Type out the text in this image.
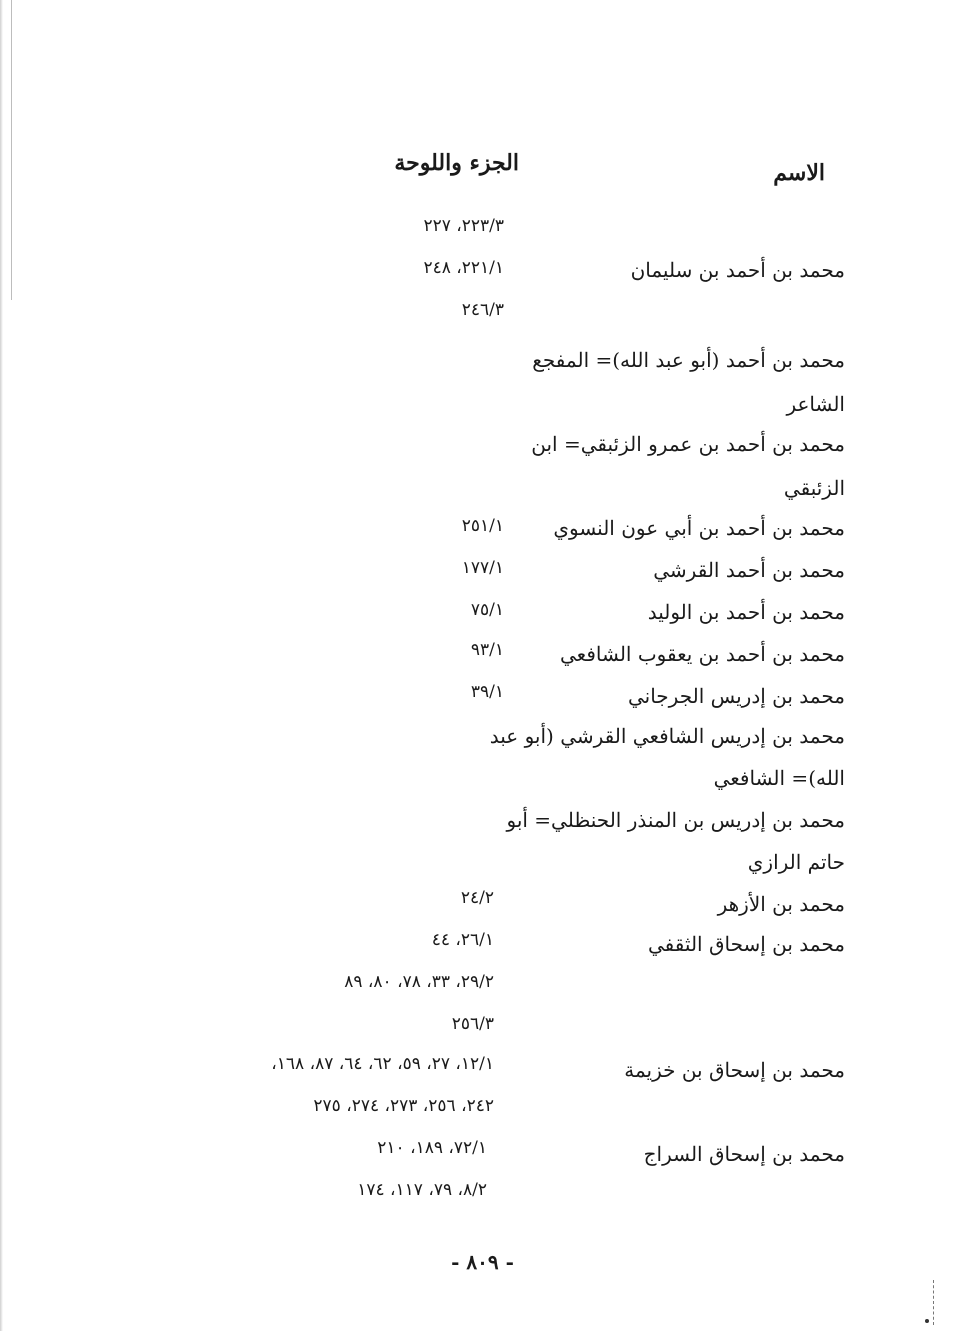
الاسم
الجزء واللوحة
٢٢٣/٣، ٢٢٧
محمد بن أحمد بن سليمان
٢٢١/١، ٢٤٨
٢٤٦/٣
محمد بن أحمد (أبو عبد الله)= المفجع
الشاعر
محمد بن أحمد بن عمرو الزئبقي= ابن
الزئبقي
محمد بن أحمد بن أبي عون النسوي
٢٥١/١
محمد بن أحمد القرشي
١٧٧/١
محمد بن أحمد بن الوليد
٧٥/١
محمد بن أحمد بن يعقوب الشافعي
٩٣/١
محمد بن إدريس الجرجاني
٣٩/١
محمد بن إدريس الشافعي القرشي (أبو عبد
الله)= الشافعي
محمد بن إدريس بن المنذر الحنظلي= أبو
حاتم الرازي
محمد بن الأزهر
٢٤/٢
محمد بن إسحاق الثقفي
٢٦/١، ٤٤
٢٩/٢، ٣٣، ٧٨، ٨٠، ٨٩
٢٥٦/٣
محمد بن إسحاق بن خزيمة
١٢/١، ٢٧، ٥٩، ٦٢، ٦٤، ٨٧، ١٦٨،
٢٤٢، ٢٥٦، ٢٧٣، ٢٧٤، ٢٧٥
محمد بن إسحاق السراج
٧٢/١، ١٨٩، ٢١٠
٨/٢، ٧٩، ١١٧، ١٧٤
- ٨٠٩ -
